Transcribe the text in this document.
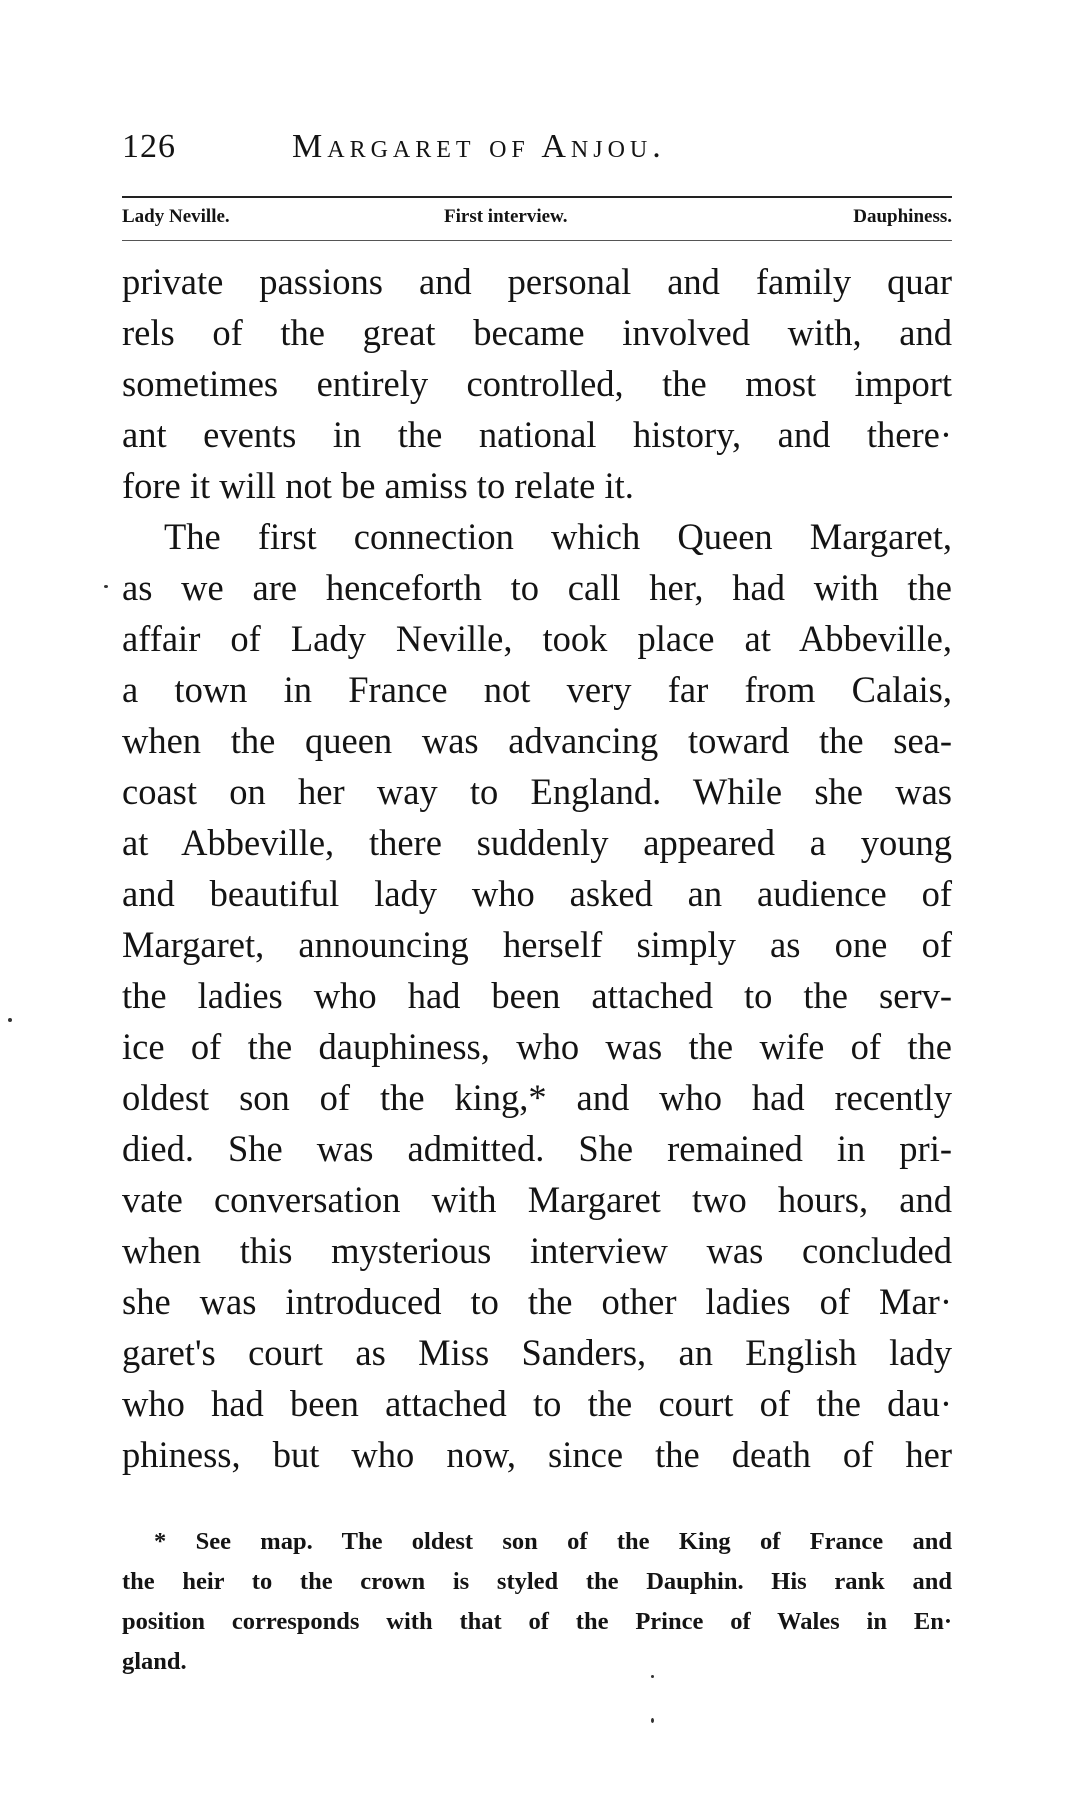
126	Margaret of Anjou.
Lady Neville.	First interview.	Dauphiness.
private passions and personal and family quar
rels of the great became involved with, and
sometimes entirely controlled, the most import
ant events in the national history, and there·
fore it will not be amiss to relate it.
The first connection which Queen Margaret,
as we are henceforth to call her, had with the
affair of Lady Neville, took place at Abbeville,
a town in France not very far from Calais,
when the queen was advancing toward the sea-
coast on her way to England. While she was
at Abbeville, there suddenly appeared a young
and beautiful lady who asked an audience of
Margaret, announcing herself simply as one of
the ladies who had been attached to the serv-
ice of the dauphiness, who was the wife of the
oldest son of the king,* and who had recently
died. She was admitted. She remained in pri-
vate conversation with Margaret two hours, and
when this mysterious interview was concluded
she was introduced to the other ladies of Mar·
garet's court as Miss Sanders, an English lady
who had been attached to the court of the dau·
phiness, but who now, since the death of her
* See map. The oldest son of the King of France and
the heir to the crown is styled the Dauphin. His rank and
position corresponds with that of the Prince of Wales in En·
gland.
